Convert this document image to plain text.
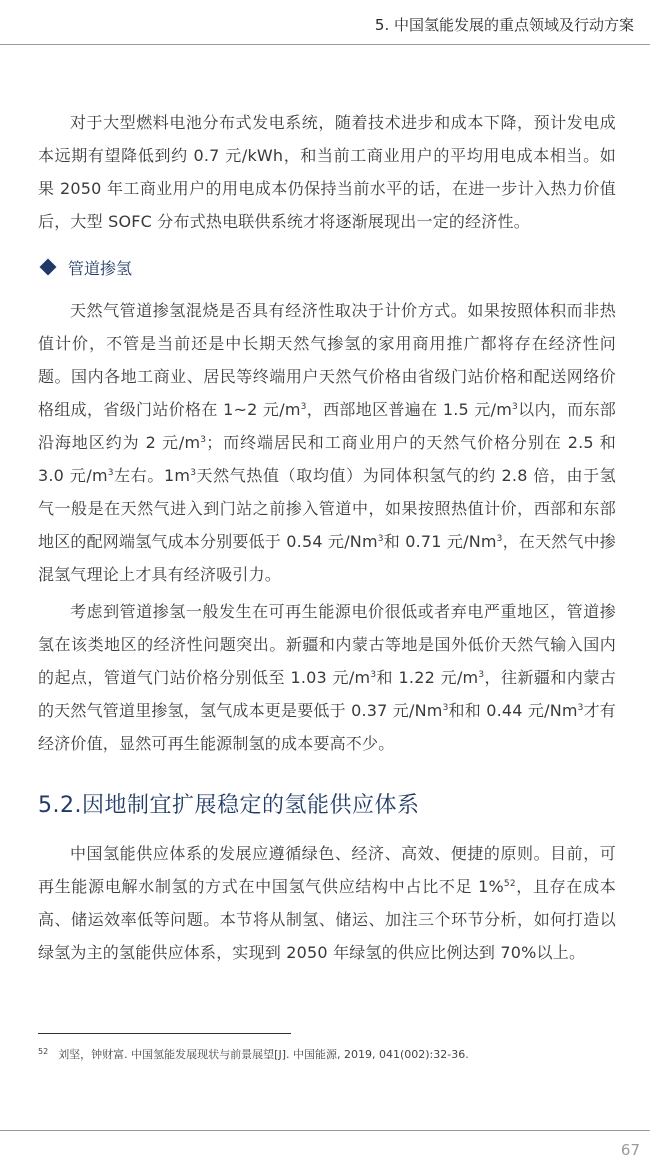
5. 中国氢能发展的重点领域及行动方案

对于大型燃料电池分布式发电系统，随着技术进步和成本下降，预计发电成本远期有望降低到约 0.7 元/kWh，和当前工商业用户的平均用电成本相当。如果 2050 年工商业用户的用电成本仍保持当前水平的话，在进一步计入热力价值后，大型 SOFC 分布式热电联供系统才将逐渐展现出一定的经济性。

管道掺氢

天然气管道掺氢混烧是否具有经济性取决于计价方式。如果按照体积而非热值计价，不管是当前还是中长期天然气掺氢的家用商用推广都将存在经济性问题。国内各地工商业、居民等终端用户天然气价格由省级门站价格和配送网络价格组成，省级门站价格在 1~2 元$/m^3$，西部地区普遍在 1.5 元$/m^3$以内，而东部沿海地区约为 2 元$/m^3$；而终端居民和工商业用户的天然气价格分别在 2.5 和 3.0 元$/m^3$左右。$1m^3$天然气热值（取均值）为同体积氢气的约 2.8 倍，由于氢气一般是在天然气进入到门站之前掺入管道中，如果按照热值计价，西部和东部地区的配网端氢气成本分别要低于 0.54 元/Nm$^3$和 0.71 元/Nm$^3$，在天然气中掺混氢气理论上才具有经济吸引力。

考虑到管道掺氢一般发生在可再生能源电价很低或者弃电严重地区，管道掺氢在该类地区的经济性问题突出。新疆和内蒙古等地是国外低价天然气输入国内的起点，管道气门站价格分别低至 1.03 元$/m^3$和 1.22 元$/m^3$，往新疆和内蒙古的天然气管道里掺氢，氢气成本更是要低于 0.37 元/Nm$^3$和和 0.44 元/Nm$^3$才有经济价值，显然可再生能源制氢的成本要高不少。

5.2.因地制宜扩展稳定的氢能供应体系

中国氢能供应体系的发展应遵循绿色、经济、高效、便捷的原则。目前，可再生能源电解水制氢的方式在中国氢气供应结构中占比不足 1%$^{52}$，且存在成本高、储运效率低等问题。本节将从制氢、储运、加注三个环节分析，如何打造以绿氢为主的氢能供应体系，实现到 2050 年绿氢的供应比例达到 70%以上。

$^{52}$ 刘坚，钟财富. 中国氢能发展现状与前景展望[J]. 中国能源, 2019, 041(002):32-36.
67
